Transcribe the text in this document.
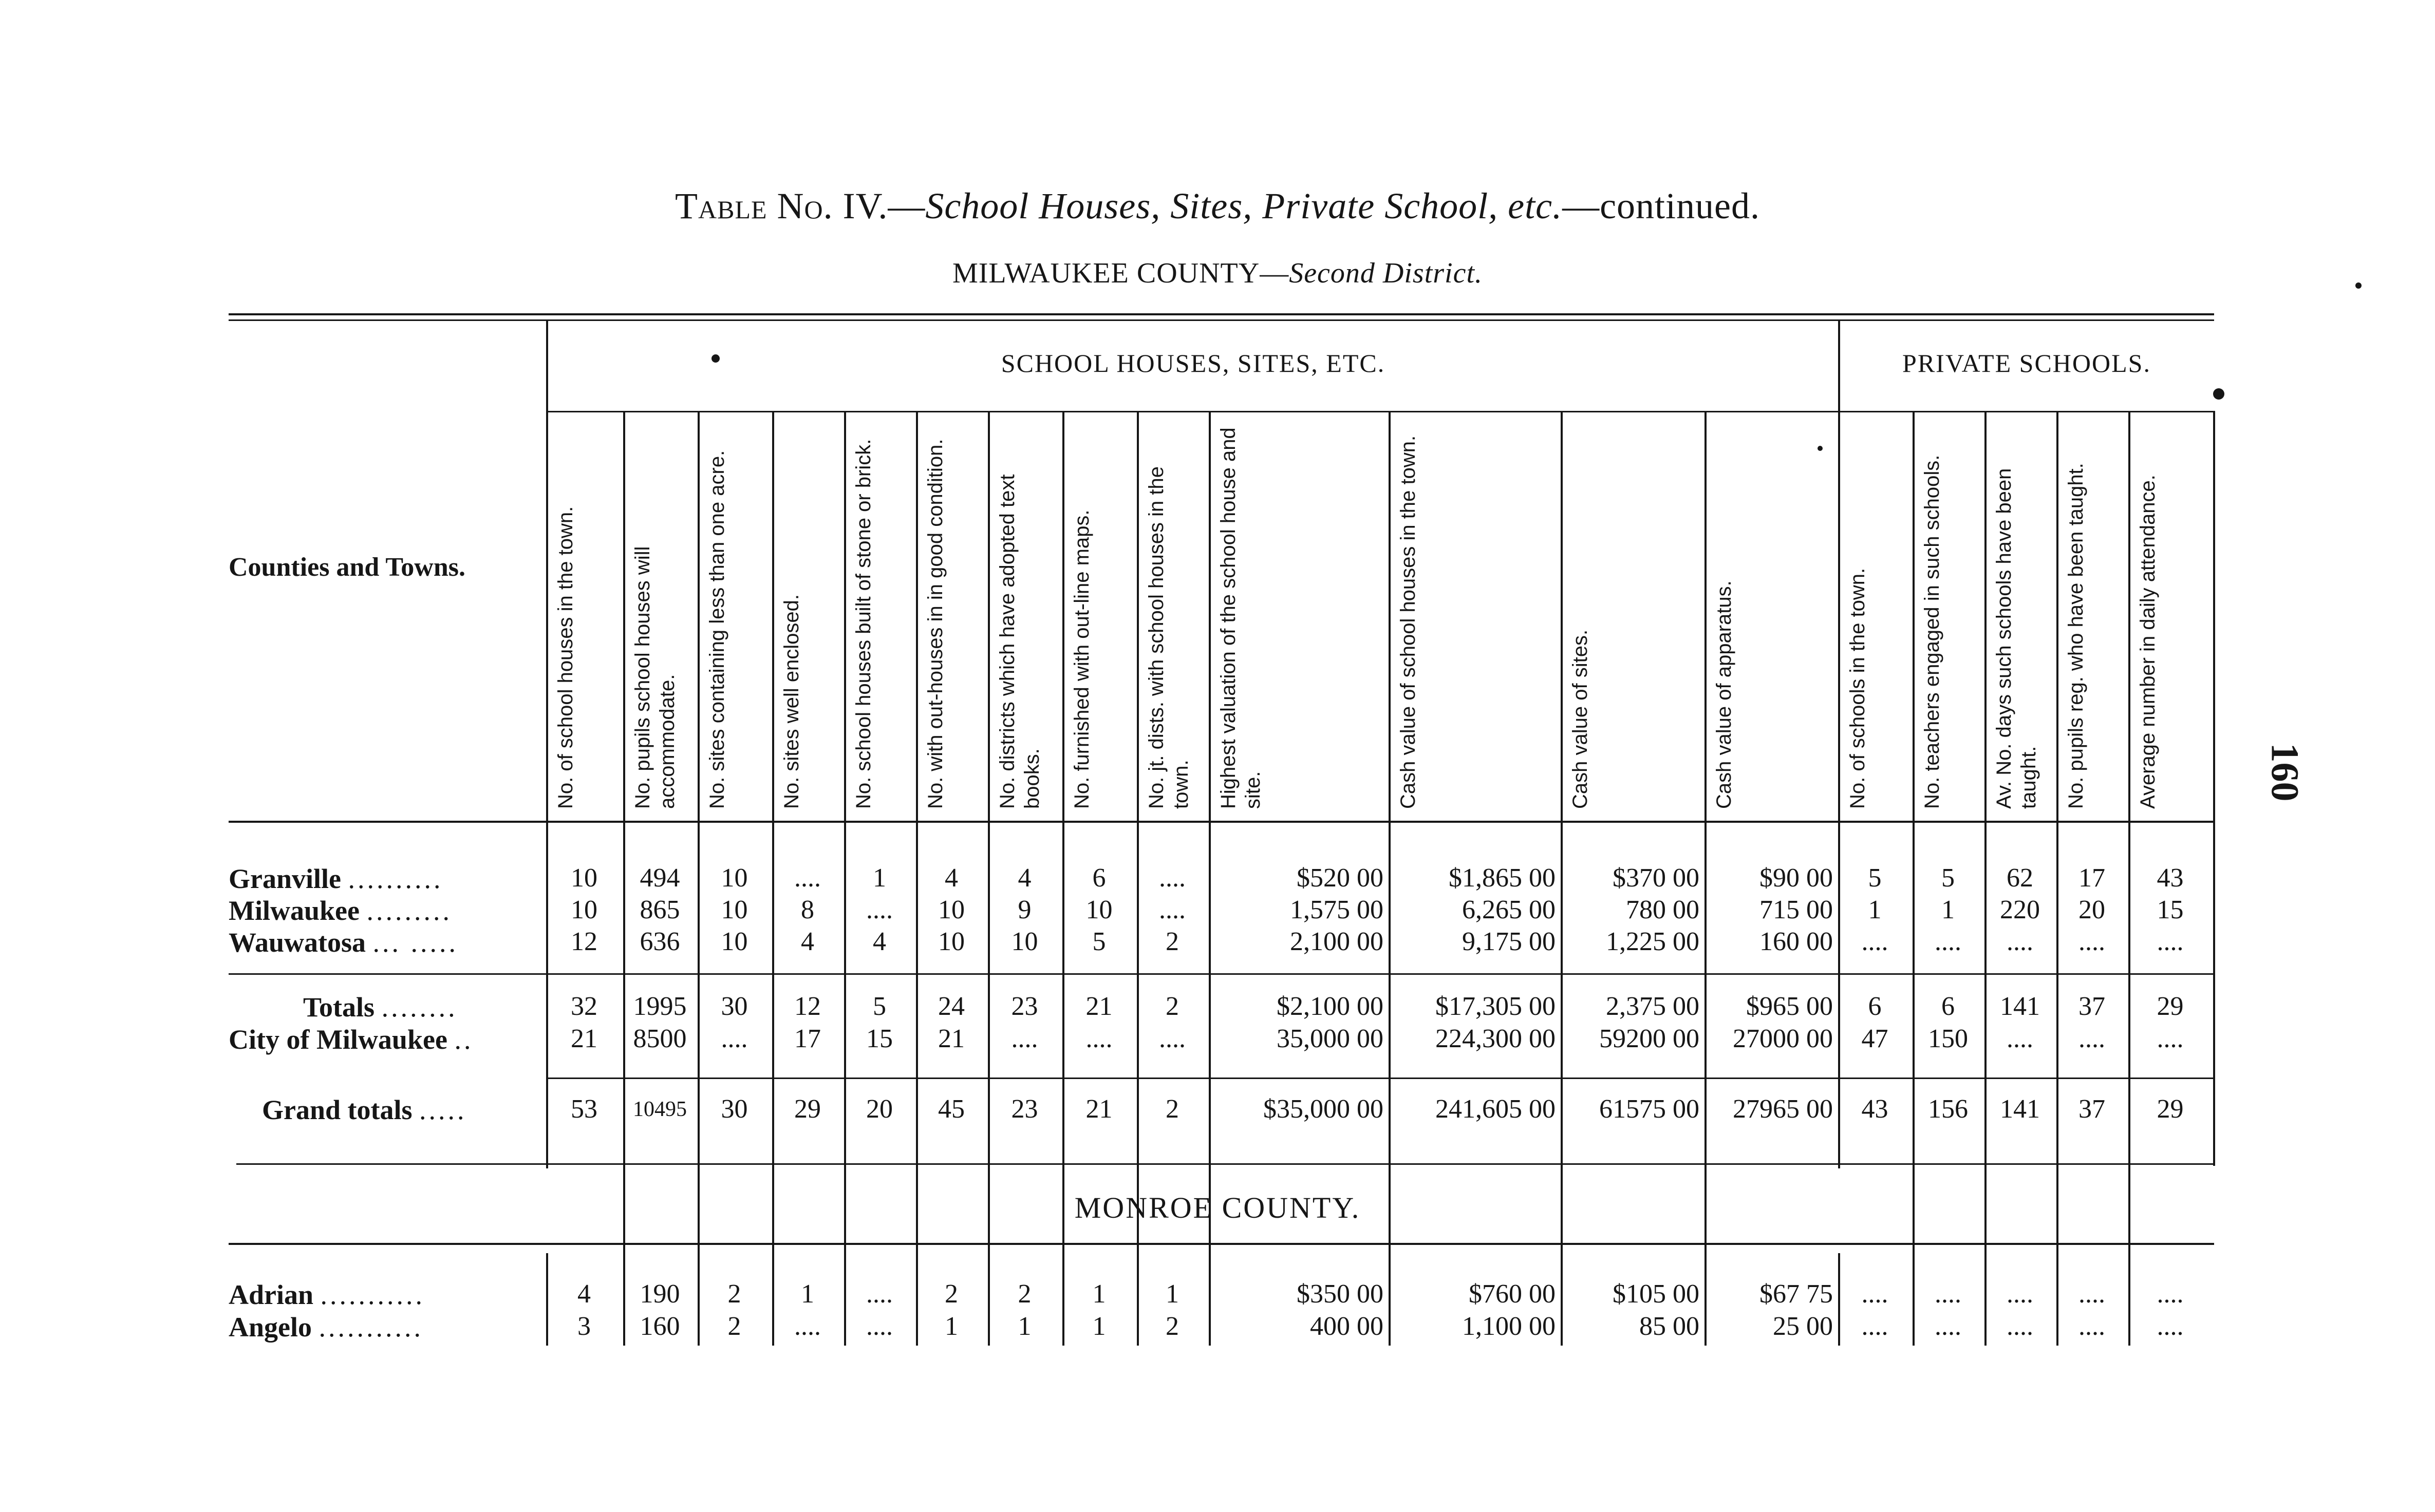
Table No. IV.—School Houses, Sites, Private School, etc.—continued.
MILWAUKEE COUNTY—Second District.
160
SCHOOL HOUSES, SITES, ETC.	PRIVATE SCHOOLS.
Counties and Towns.	No. of school houses in the town.	No. pupils school houses will accommodate.	No. sites containing less than one acre.	No. sites well enclosed.	No. school houses built of stone or brick.	No. with out-houses in in good condition.	No. districts which have adopted text books.	No. furnished with out-line maps.	No. jt. dists. with school houses in the town.	Highest valuation of the school house and site.	Cash value of school houses in the town.	Cash value of sites.	Cash value of apparatus.	No. of schools in the town.	No. teachers engaged in such schools.	Av. No. days such schools have been taught.	No. pupils reg. who have been taught.	Average number in daily attendance.
MONROE COUNTY.
Granville ..........	10	494	10	....	1	4	4	6	....	$520 00	$1,865 00	$370 00	$90 00	5	5	62	17	43
Milwaukee .........	10	865	10	8	....	10	9	10	....	1,575 00	6,265 00	780 00	715 00	1	1	220	20	15
Wauwatosa ... .....	12	636	10	4	4	10	10	5	2	2,100 00	9,175 00	1,225 00	160 00	....	....	....	....	....
Totals ........	32	1995	30	12	5	24	23	21	2	$2,100 00	$17,305 00	2,375 00	$965 00	6	6	141	37	29
City of Milwaukee ..	21	8500	....	17	15	21	....	....	....	35,000 00	224,300 00	59200 00	27000 00	47	150	....	....	....
Grand totals .....	53	10495	30	29	20	45	23	21	2	$35,000 00	241,605 00	61575 00	27965 00	43	156	141	37	29
Adrian ...........	4	190	2	1	....	2	2	1	1	$350 00	$760 00	$105 00	$67 75	....	....	....	....	....
Angelo ...........	3	160	2	....	....	1	1	1	2	400 00	1,100 00	85 00	25 00	....	....	....	....	....
